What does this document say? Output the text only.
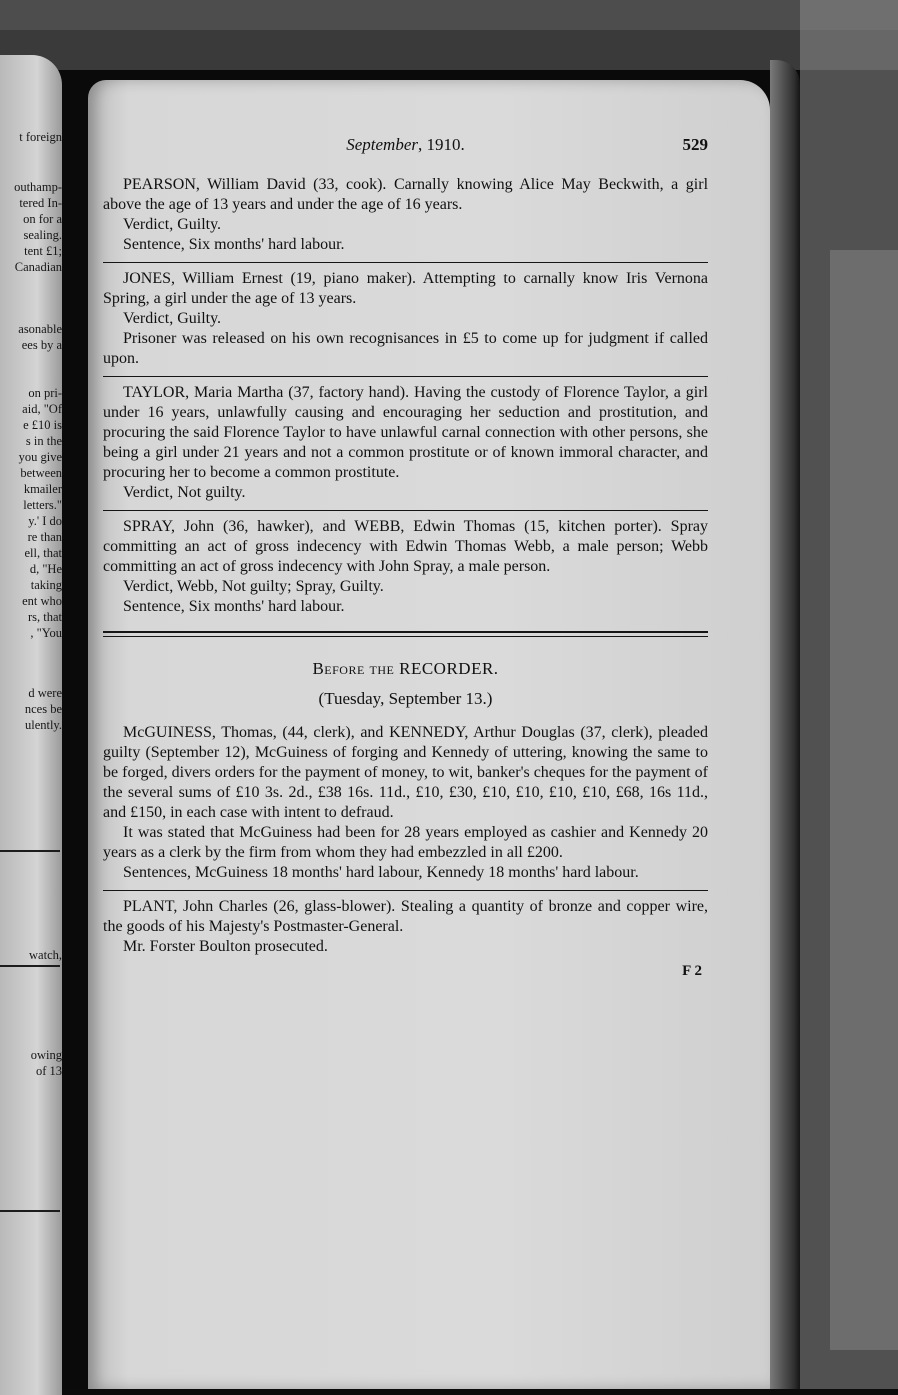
t foreign
outhamp-
tered In-
on for a
sealing.
tent £1;
Canadian
asonable
ees by a
on pri-
aid, "Of
e £10 is
s in the
you give
between
kmailer
letters."
y.' I do
re than
ell, that
d, "He
taking
ent who
rs, that
, "You
d were
nces be
ulently.
watch,
owing
of 13
September, 1910.	529

PEARSON, William David (33, cook). Carnally knowing Alice May Beckwith, a girl above the age of 13 years and under the age of 16 years.

Verdict, Guilty.

Sentence, Six months' hard labour.

JONES, William Ernest (19, piano maker). Attempting to carnally know Iris Vernona Spring, a girl under the age of 13 years.

Verdict, Guilty.

Prisoner was released on his own recognisances in £5 to come up for judgment if called upon.

TAYLOR, Maria Martha (37, factory hand). Having the custody of Florence Taylor, a girl under 16 years, unlawfully causing and encouraging her seduction and prostitution, and procuring the said Florence Taylor to have unlawful carnal connection with other persons, she being a girl under 21 years and not a common prostitute or of known immoral character, and procuring her to become a common prostitute.

Verdict, Not guilty.

SPRAY, John (36, hawker), and WEBB, Edwin Thomas (15, kitchen porter). Spray committing an act of gross indecency with Edwin Thomas Webb, a male person; Webb committing an act of gross indecency with John Spray, a male person.

Verdict, Webb, Not guilty; Spray, Guilty.

Sentence, Six months' hard labour.

Before the RECORDER.
(Tuesday, September 13.)

McGUINESS, Thomas, (44, clerk), and KENNEDY, Arthur Douglas (37, clerk), pleaded guilty (September 12), McGuiness of forging and Kennedy of uttering, knowing the same to be forged, divers orders for the payment of money, to wit, banker's cheques for the payment of the several sums of £10 3s. 2d., £38 16s. 11d., £10, £30, £10, £10, £10, £10, £68, 16s 11d., and £150, in each case with intent to defraud.

It was stated that McGuiness had been for 28 years employed as cashier and Kennedy 20 years as a clerk by the firm from whom they had embezzled in all £200.

Sentences, McGuiness 18 months' hard labour, Kennedy 18 months' hard labour.

PLANT, John Charles (26, glass-blower). Stealing a quantity of bronze and copper wire, the goods of his Majesty's Postmaster-General.

Mr. Forster Boulton prosecuted.

F 2
